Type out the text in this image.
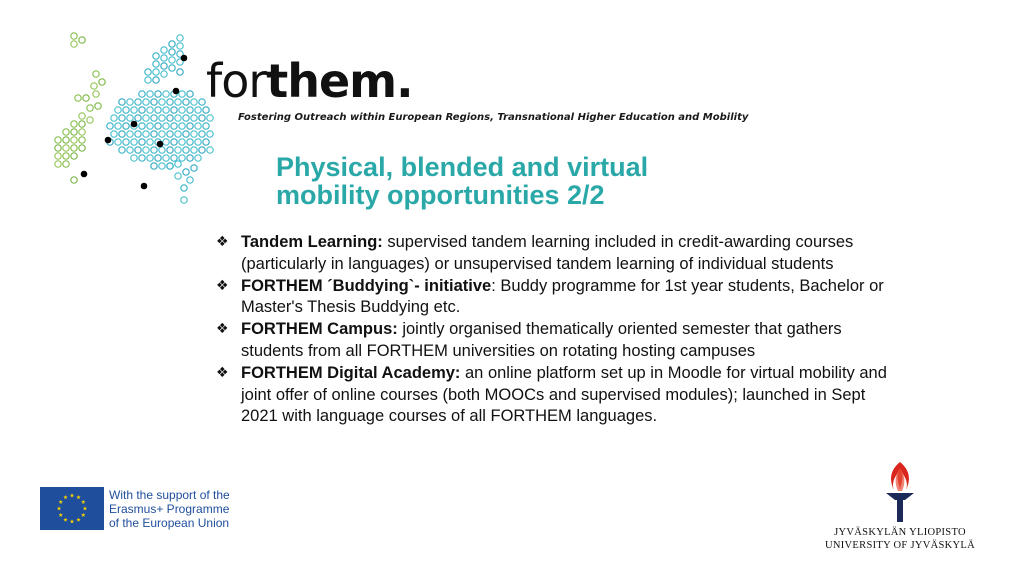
forthem.
Fostering Outreach within European Regions, Transnational Higher Education and Mobility
Physical, blended and virtual
mobility opportunities 2/2
❖ Tandem Learning: supervised tandem learning included in credit-awarding courses (particularly in languages) or unsupervised tandem learning of individual students
❖ FORTHEM ´Buddying`- initiative: Buddy programme for 1st year students, Bachelor or Master's Thesis Buddying etc.
❖ FORTHEM Campus: jointly organised thematically oriented semester that gathers students from all FORTHEM universities on rotating hosting campuses
❖ FORTHEM Digital Academy: an online platform set up in Moodle for virtual mobility and joint offer of online courses (both MOOCs and supervised modules); launched in Sept 2021 with language courses of all FORTHEM languages.
With the support of the
Erasmus+ Programme
of the European Union
JYVÄSKYLÄN YLIOPISTO
UNIVERSITY OF JYVÄSKYLÄ
